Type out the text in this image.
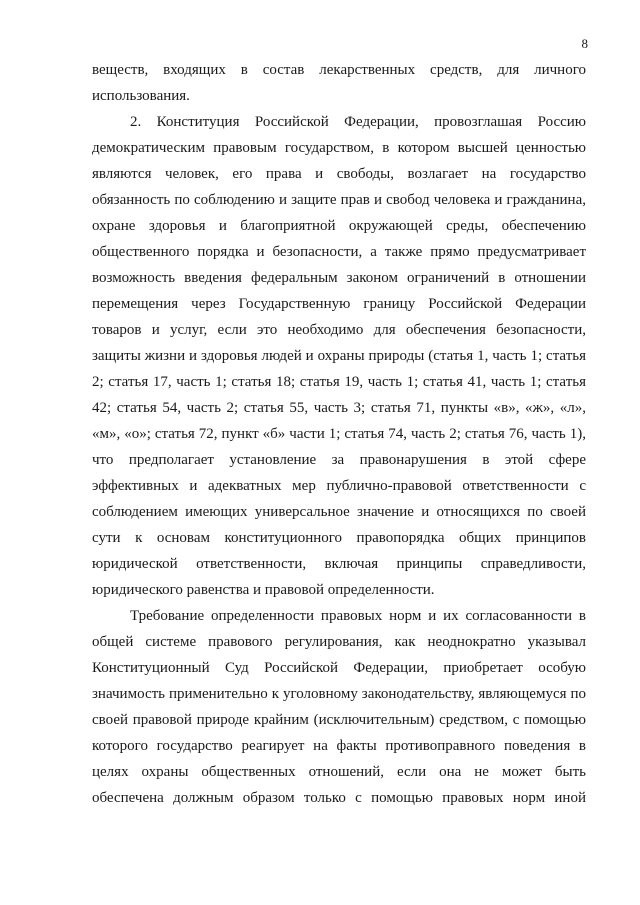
8

веществ, входящих в состав лекарственных средств, для личного использования.

2. Конституция Российской Федерации, провозглашая Россию демократическим правовым государством, в котором высшей ценностью являются человек, его права и свободы, возлагает на государство обязанность по соблюдению и защите прав и свобод человека и гражданина, охране здоровья и благоприятной окружающей среды, обеспечению общественного порядка и безопасности, а также прямо предусматривает возможность введения федеральным законом ограничений в отношении перемещения через Государственную границу Российской Федерации товаров и услуг, если это необходимо для обеспечения безопасности, защиты жизни и здоровья людей и охраны природы (статья 1, часть 1; статья 2; статья 17, часть 1; статья 18; статья 19, часть 1; статья 41, часть 1; статья 42; статья 54, часть 2; статья 55, часть 3; статья 71, пункты «в», «ж», «л», «м», «о»; статья 72, пункт «б» части 1; статья 74, часть 2; статья 76, часть 1), что предполагает установление за правонарушения в этой сфере эффективных и адекватных мер публично-правовой ответственности с соблюдением имеющих универсальное значение и относящихся по своей сути к основам конституционного правопорядка общих принципов юридической ответственности, включая принципы справедливости, юридического равенства и правовой определенности.

Требование определенности правовых норм и их согласованности в общей системе правового регулирования, как неоднократно указывал Конституционный Суд Российской Федерации, приобретает особую значимость применительно к уголовному законодательству, являющемуся по своей правовой природе крайним (исключительным) средством, с помощью которого государство реагирует на факты противоправного поведения в целях охраны общественных отношений, если она не может быть обеспечена должным образом только с помощью правовых норм иной
